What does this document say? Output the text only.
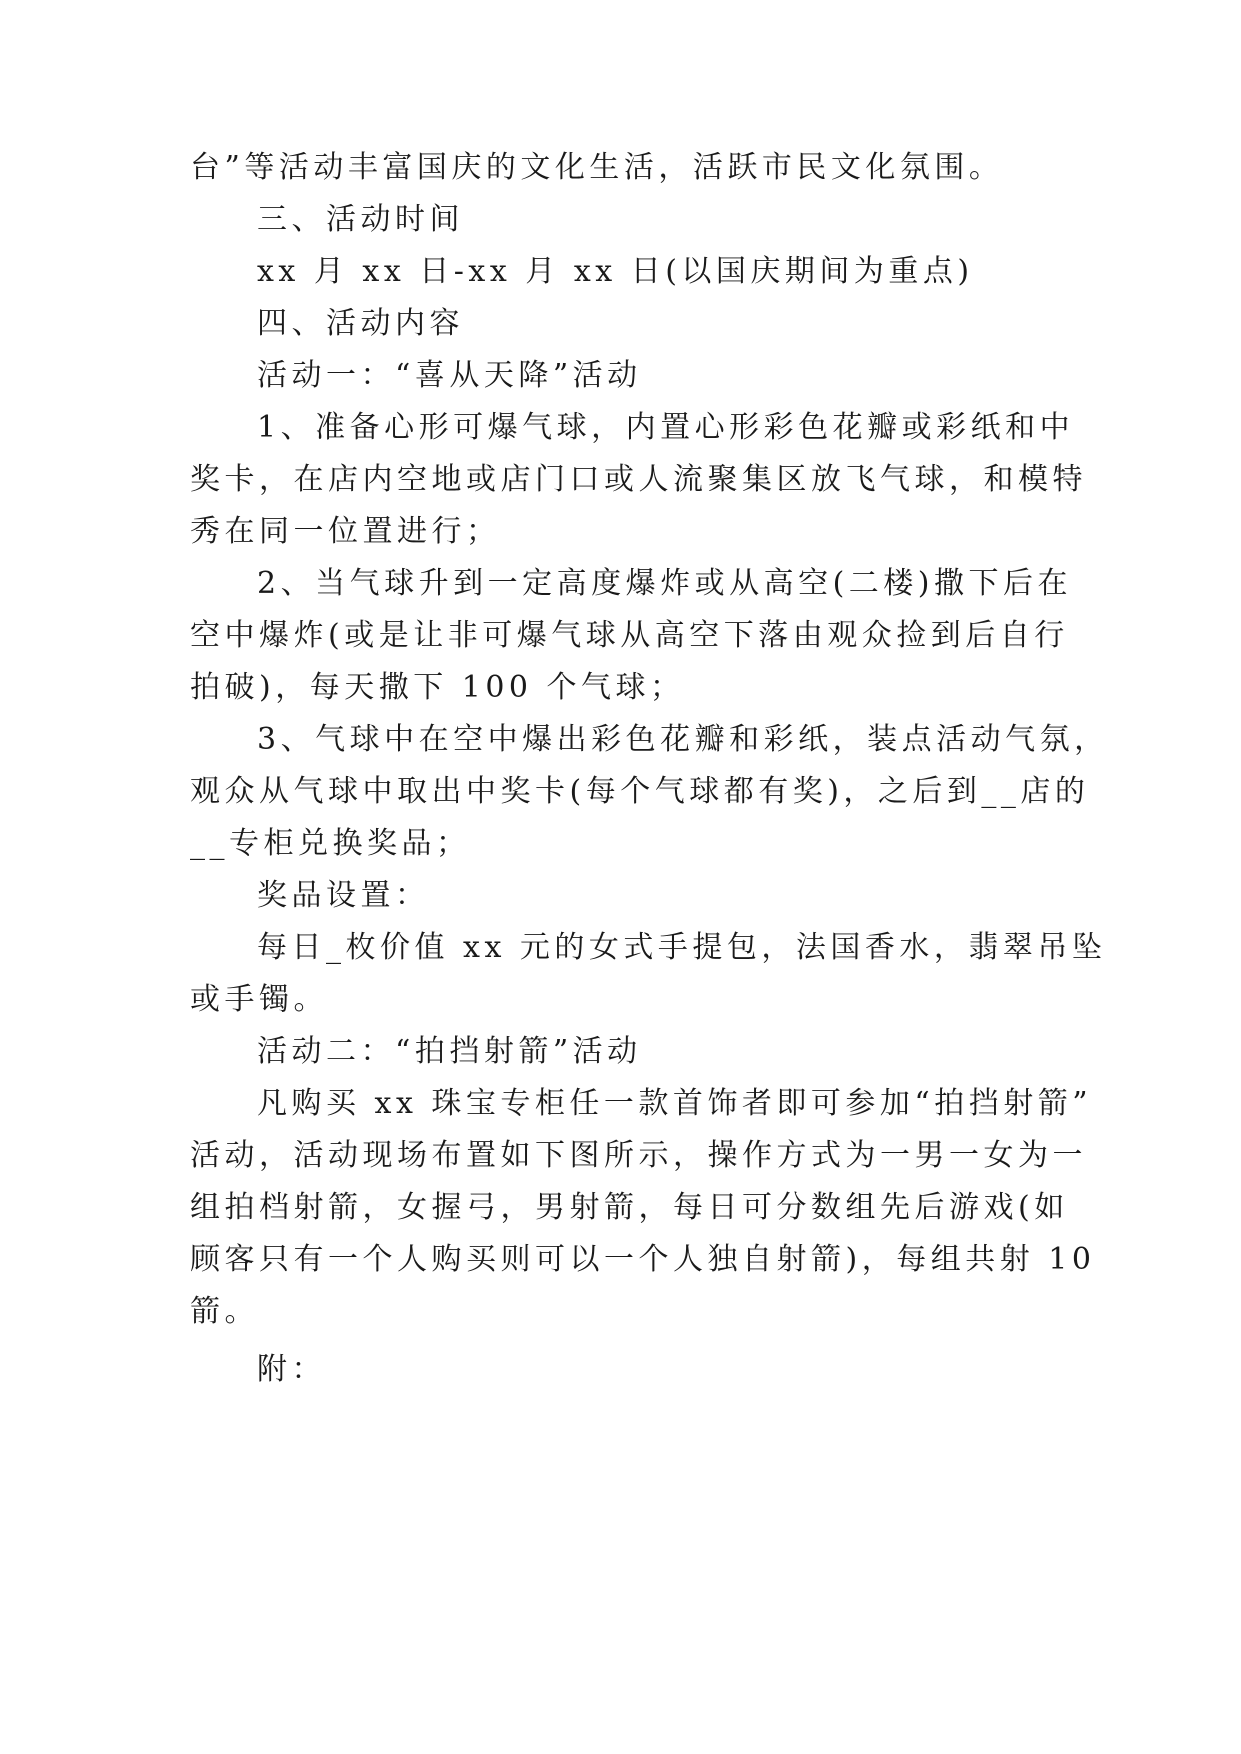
台”等活动丰富国庆的文化生活，活跃市民文化氛围。
三、活动时间
xx 月 xx 日-xx 月 xx 日(以国庆期间为重点)
四、活动内容
活动一：“喜从天降”活动
1、准备心形可爆气球，内置心形彩色花瓣或彩纸和中
奖卡，在店内空地或店门口或人流聚集区放飞气球，和模特
秀在同一位置进行；
2、当气球升到一定高度爆炸或从高空(二楼)撒下后在
空中爆炸(或是让非可爆气球从高空下落由观众捡到后自行
拍破)，每天撒下 100 个气球；
3、气球中在空中爆出彩色花瓣和彩纸，装点活动气氛，
观众从气球中取出中奖卡(每个气球都有奖)，之后到__店的
__专柜兑换奖品；
奖品设置：
每日_枚价值 xx 元的女式手提包，法国香水，翡翠吊坠
或手镯。
活动二：“拍挡射箭”活动
凡购买 xx 珠宝专柜任一款首饰者即可参加“拍挡射箭”
活动，活动现场布置如下图所示，操作方式为一男一女为一
组拍档射箭，女握弓，男射箭，每日可分数组先后游戏(如
顾客只有一个人购买则可以一个人独自射箭)，每组共射 10
箭。
附：
